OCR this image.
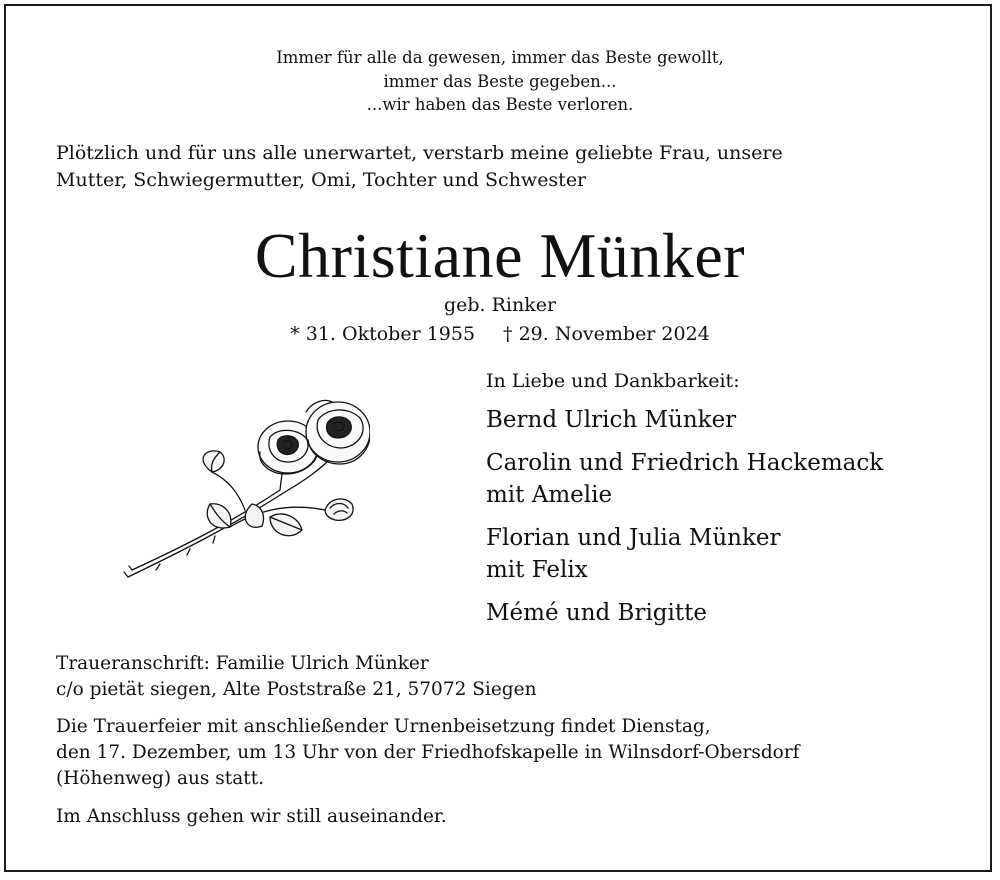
Immer für alle da gewesen, immer das Beste gewollt,
immer das Beste gegeben...
...wir haben das Beste verloren.
Plötzlich und für uns alle unerwartet, verstarb meine geliebte Frau, unsere
Mutter, Schwiegermutter, Omi, Tochter und Schwester
Christiane Münker
geb. Rinker
* 31. Oktober 1955 † 29. November 2024
In Liebe und Dankbarkeit:
Bernd Ulrich Münker
Carolin und Friedrich Hackemack
mit Amelie
Florian und Julia Münker
mit Felix
Mémé und Brigitte
Traueranschrift: Familie Ulrich Münker
c/o pietät siegen, Alte Poststraße 21, 57072 Siegen
Die Trauerfeier mit anschließender Urnenbeisetzung findet Dienstag,
den 17. Dezember, um 13 Uhr von der Friedhofskapelle in Wilnsdorf-Obersdorf
(Höhenweg) aus statt.
Im Anschluss gehen wir still auseinander.
